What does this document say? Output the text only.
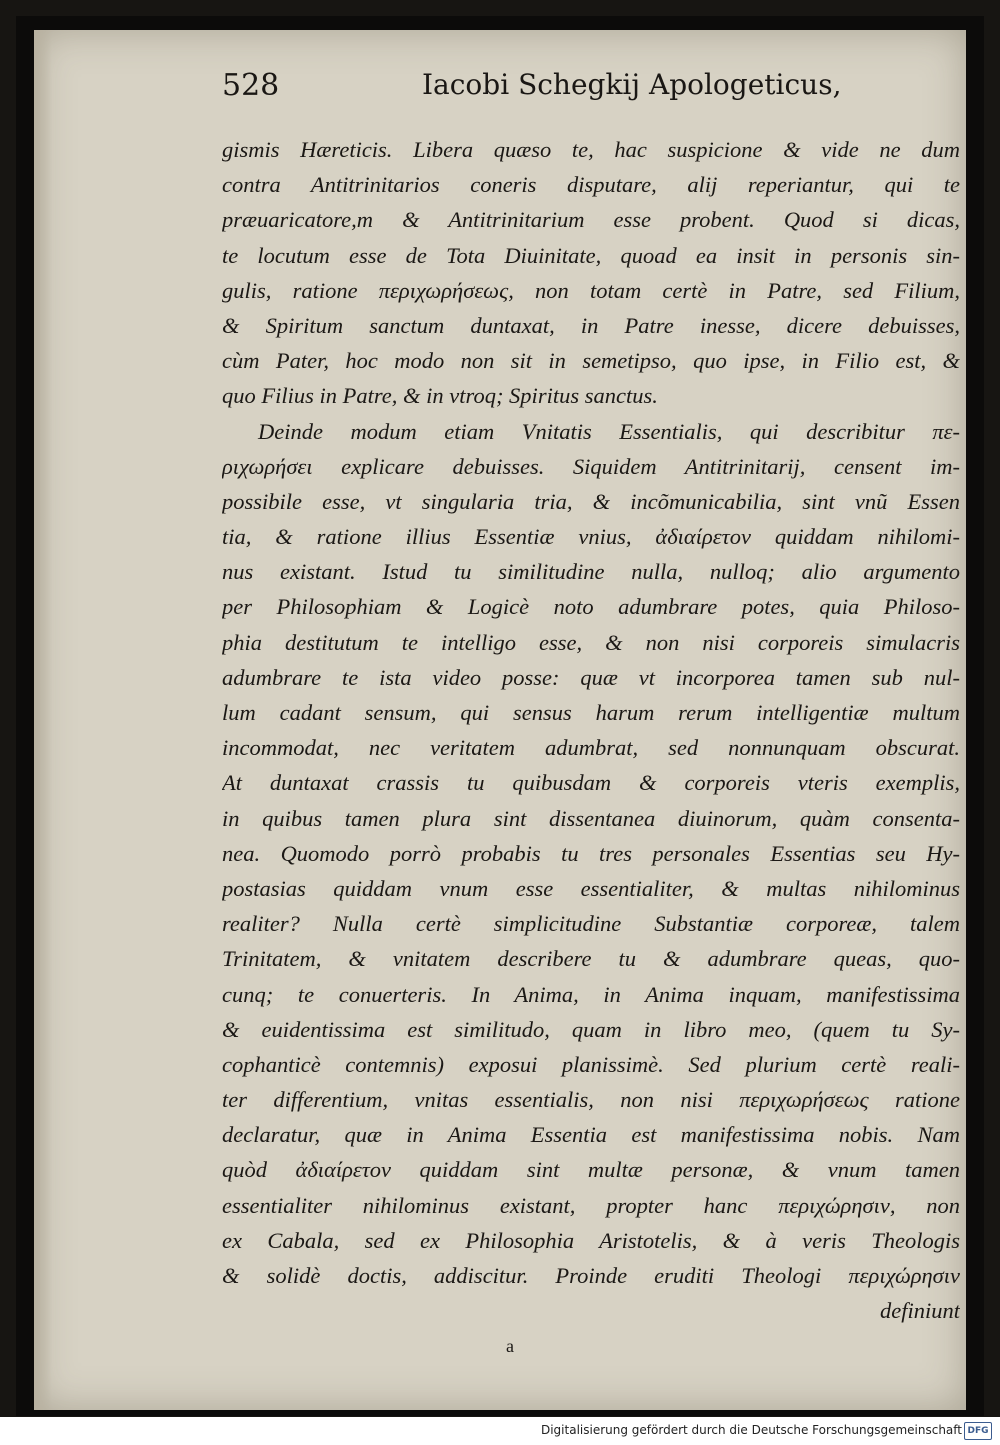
528	Iacobi Schegkij Apologeticus,
gismis Hæreticis. Libera quæso te, hac suspicione & vide ne dum
contra Antitrinitarios coneris disputare, alij reperiantur, qui te
præuaricatore,m & Antitrinitarium esse probent. Quod si dicas,
te locutum esse de Tota Diuinitate, quoad ea insit in personis sin-
gulis, ratione περιχωρήσεως, non totam certè in Patre, sed Filium,
& Spiritum sanctum duntaxat, in Patre inesse, dicere debuisses,
cùm Pater, hoc modo non sit in semetipso, quo ipse, in Filio est, &
quo Filius in Patre, & in vtroq; Spiritus sanctus.
Deinde modum etiam Vnitatis Essentialis, qui describitur πε-
ριχωρήσει explicare debuisses. Siquidem Antitrinitarij, censent im-
possibile esse, vt singularia tria, & incõmunicabilia, sint vnũ Essen
tia, & ratione illius Essentiæ vnius, ἀδιαίρετον quiddam nihilomi-
nus existant. Istud tu similitudine nulla, nulloq; alio argumento
per Philosophiam & Logicè noto adumbrare potes, quia Philoso-
phia destitutum te intelligo esse, & non nisi corporeis simulacris
adumbrare te ista video posse: quæ vt incorporea tamen sub nul-
lum cadant sensum, qui sensus harum rerum intelligentiæ multum
incommodat, nec veritatem adumbrat, sed nonnunquam obscurat.
At duntaxat crassis tu quibusdam & corporeis vteris exemplis,
in quibus tamen plura sint dissentanea diuinorum, quàm consenta-
nea. Quomodo porrò probabis tu tres personales Essentias seu Hy-
postasias quiddam vnum esse essentialiter, & multas nihilominus
realiter? Nulla certè simplicitudine Substantiæ corporeæ, talem
Trinitatem, & vnitatem describere tu & adumbrare queas, quo-
cunq; te conuerteris. In Anima, in Anima inquam, manifestissima
& euidentissima est similitudo, quam in libro meo, (quem tu Sy-
cophanticè contemnis) exposui planissimè. Sed plurium certè reali-
ter differentium, vnitas essentialis, non nisi περιχωρήσεως ratione
declaratur, quæ in Anima Essentia est manifestissima nobis. Nam
quòd ἀδιαίρετον quiddam sint multæ personæ, & vnum tamen
essentialiter nihilominus existant, propter hanc περιχώρησιν, non
ex Cabala, sed ex Philosophia Aristotelis, & à veris Theologis
& solidè doctis, addiscitur. Proinde eruditi Theologi περιχώρησιν
definiunt
a
Digitalisierung gefördert durch die Deutsche Forschungsgemeinschaft DFG
